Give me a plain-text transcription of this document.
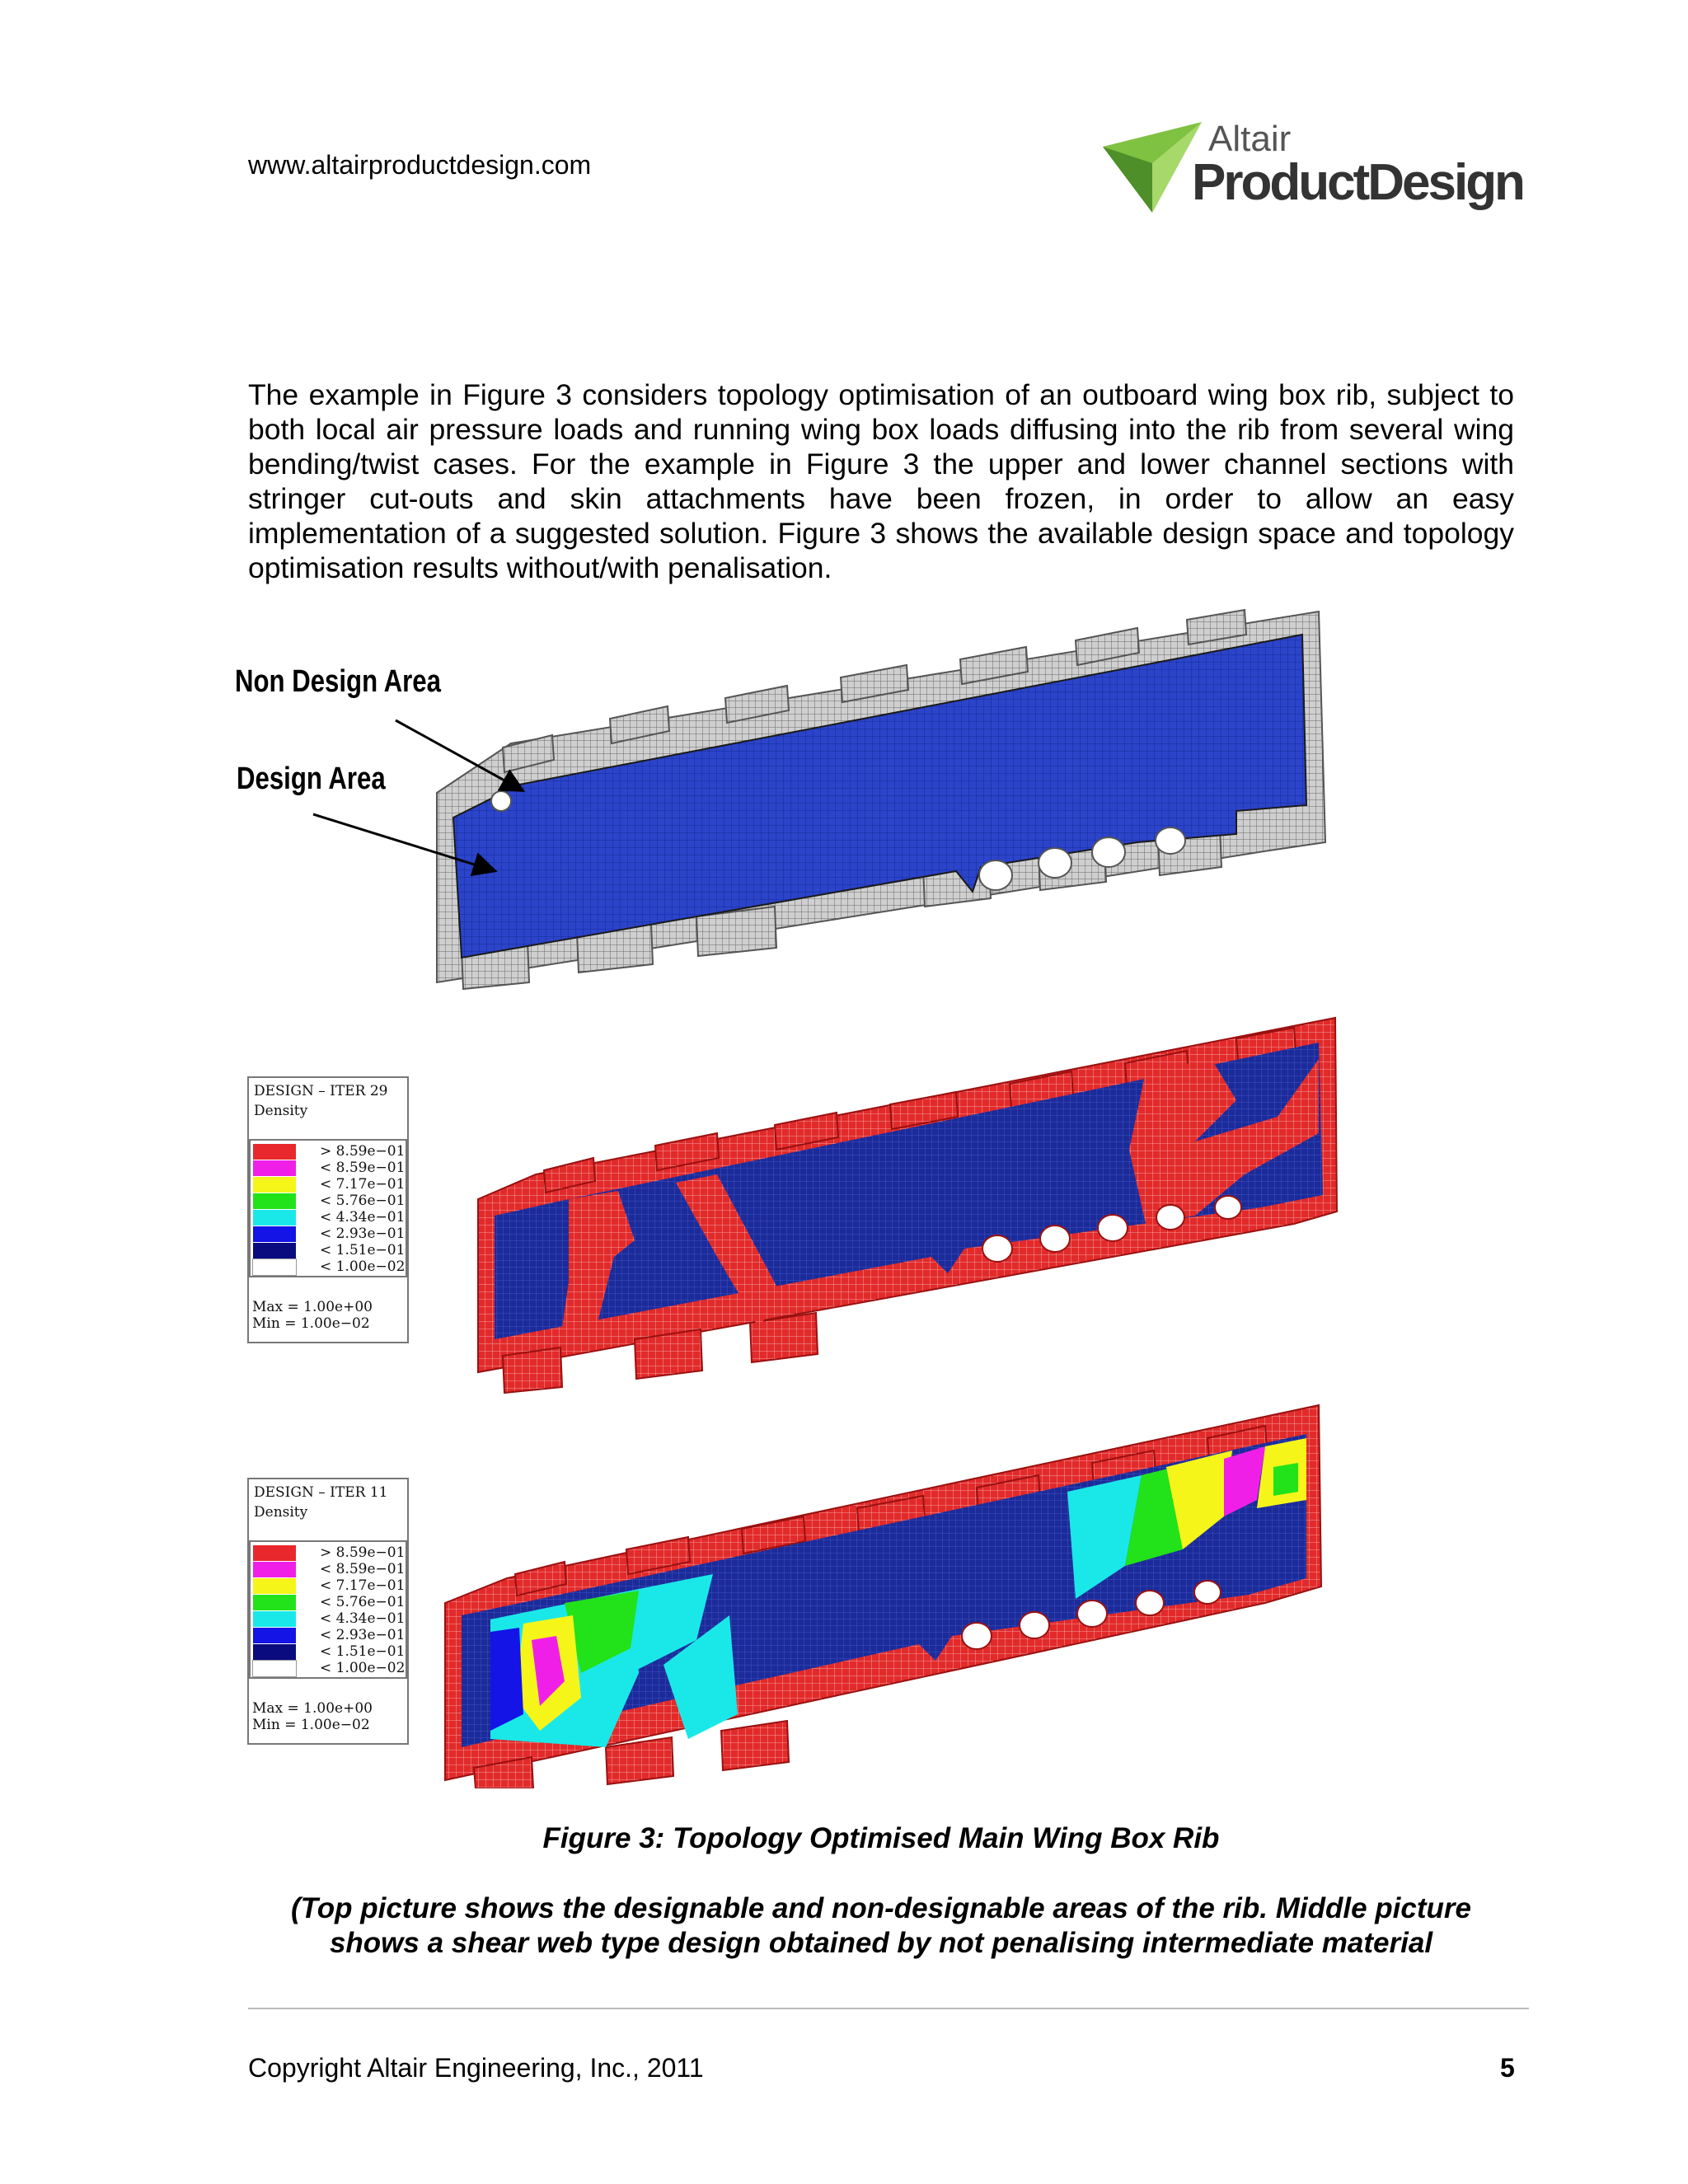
www.altairproductdesign.com
Altair
ProductDesign
The example in Figure 3 considers topology optimisation of an outboard wing box rib, subject to both local air pressure loads and running wing box loads diffusing into the rib from several wing bending/twist cases. For the example in Figure 3 the upper and lower channel sections with stringer cut-outs and skin attachments have been frozen, in order to allow an easy implementation of a suggested solution. Figure 3 shows the available design space and topology optimisation results without/with penalisation.
Non Design Area
Design Area
DESIGN – ITER 29
Density
> 8.59e−01
< 8.59e−01
< 7.17e−01
< 5.76e−01
< 4.34e−01
< 2.93e−01
< 1.51e−01
< 1.00e−02
Max = 1.00e+00
Min = 1.00e−02
DESIGN – ITER 11
Density
> 8.59e−01
< 8.59e−01
< 7.17e−01
< 5.76e−01
< 4.34e−01
< 2.93e−01
< 1.51e−01
< 1.00e−02
Max = 1.00e+00
Min = 1.00e−02
Figure 3: Topology Optimised Main Wing Box Rib
(Top picture shows the designable and non-designable areas of the rib. Middle picture
shows a shear web type design obtained by not penalising intermediate material
Copyright Altair Engineering, Inc., 2011	5
